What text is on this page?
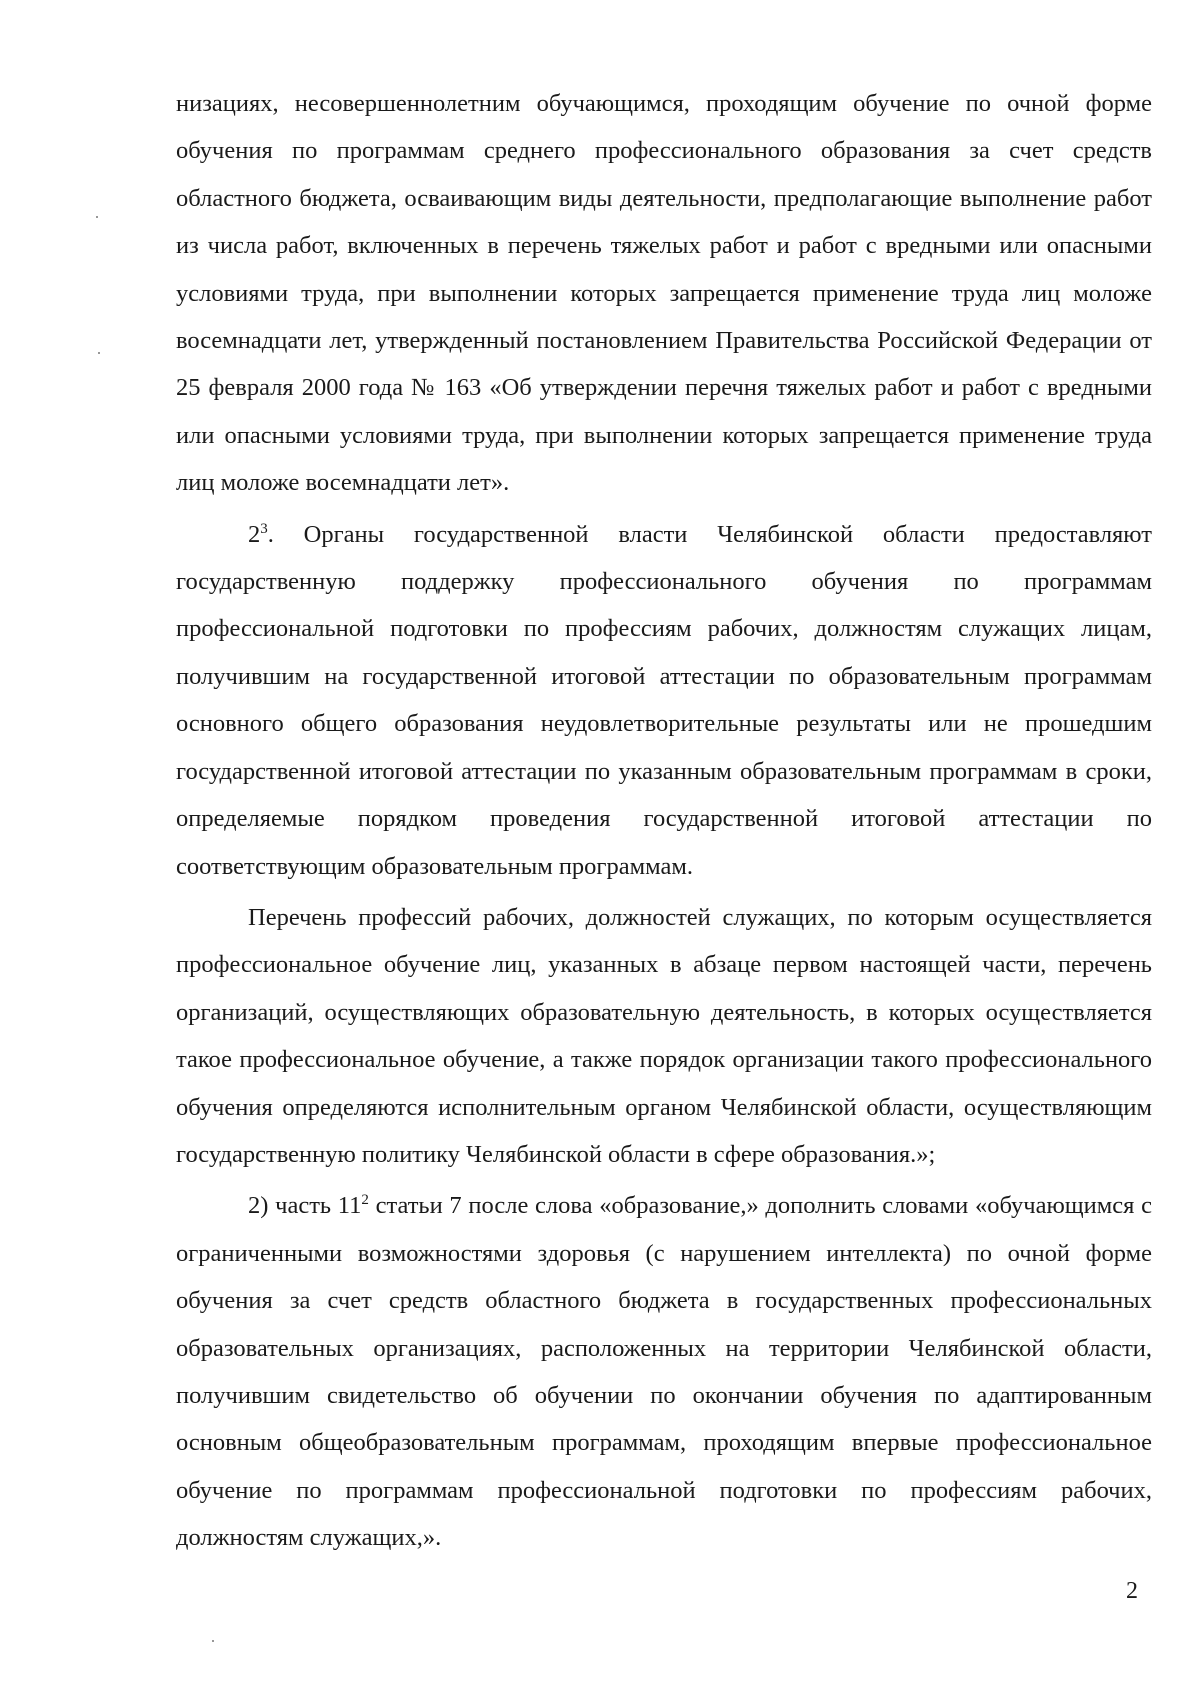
низациях, несовершеннолетним обучающимся, проходящим обучение по очной форме обучения по программам среднего профессионального образования за счет средств областного бюджета, осваивающим виды деятельности, предполагающие выполнение работ из числа работ, включенных в перечень тяжелых работ и работ с вредными или опасными условиями труда, при выполнении которых запрещается применение труда лиц моложе восемнадцати лет, утвержденный постановлением Правительства Российской Федерации от 25 февраля 2000 года № 163 «Об утверждении перечня тяжелых работ и работ с вредными или опасными условиями труда, при выполнении которых запрещается применение труда лиц моложе восемнадцати лет».

$2^3$. Органы государственной власти Челябинской области предоставляют государственную поддержку профессионального обучения по программам профессиональной подготовки по профессиям рабочих, должностям служащих лицам, получившим на государственной итоговой аттестации по образовательным программам основного общего образования неудовлетворительные результаты или не прошедшим государственной итоговой аттестации по указанным образовательным программам в сроки, определяемые порядком проведения государственной итоговой аттестации по соответствующим образовательным программам.

Перечень профессий рабочих, должностей служащих, по которым осуществляется профессиональное обучение лиц, указанных в абзаце первом настоящей части, перечень организаций, осуществляющих образовательную деятельность, в которых осуществляется такое профессиональное обучение, а также порядок организации такого профессионального обучения определяются исполнительным органом Челябинской области, осуществляющим государственную политику Челябинской области в сфере образования.»;

2) часть $11^2$ статьи 7 после слова «образование,» дополнить словами «обучающимся с ограниченными возможностями здоровья (с нарушением интеллекта) по очной форме обучения за счет средств областного бюджета в государственных профессиональных образовательных организациях, расположенных на территории Челябинской области, получившим свидетельство об обучении по окончании обучения по адаптированным основным общеобразовательным программам, проходящим впервые профессиональное обучение по программам профессиональной подготовки по профессиям рабочих, должностям служащих,».

2
